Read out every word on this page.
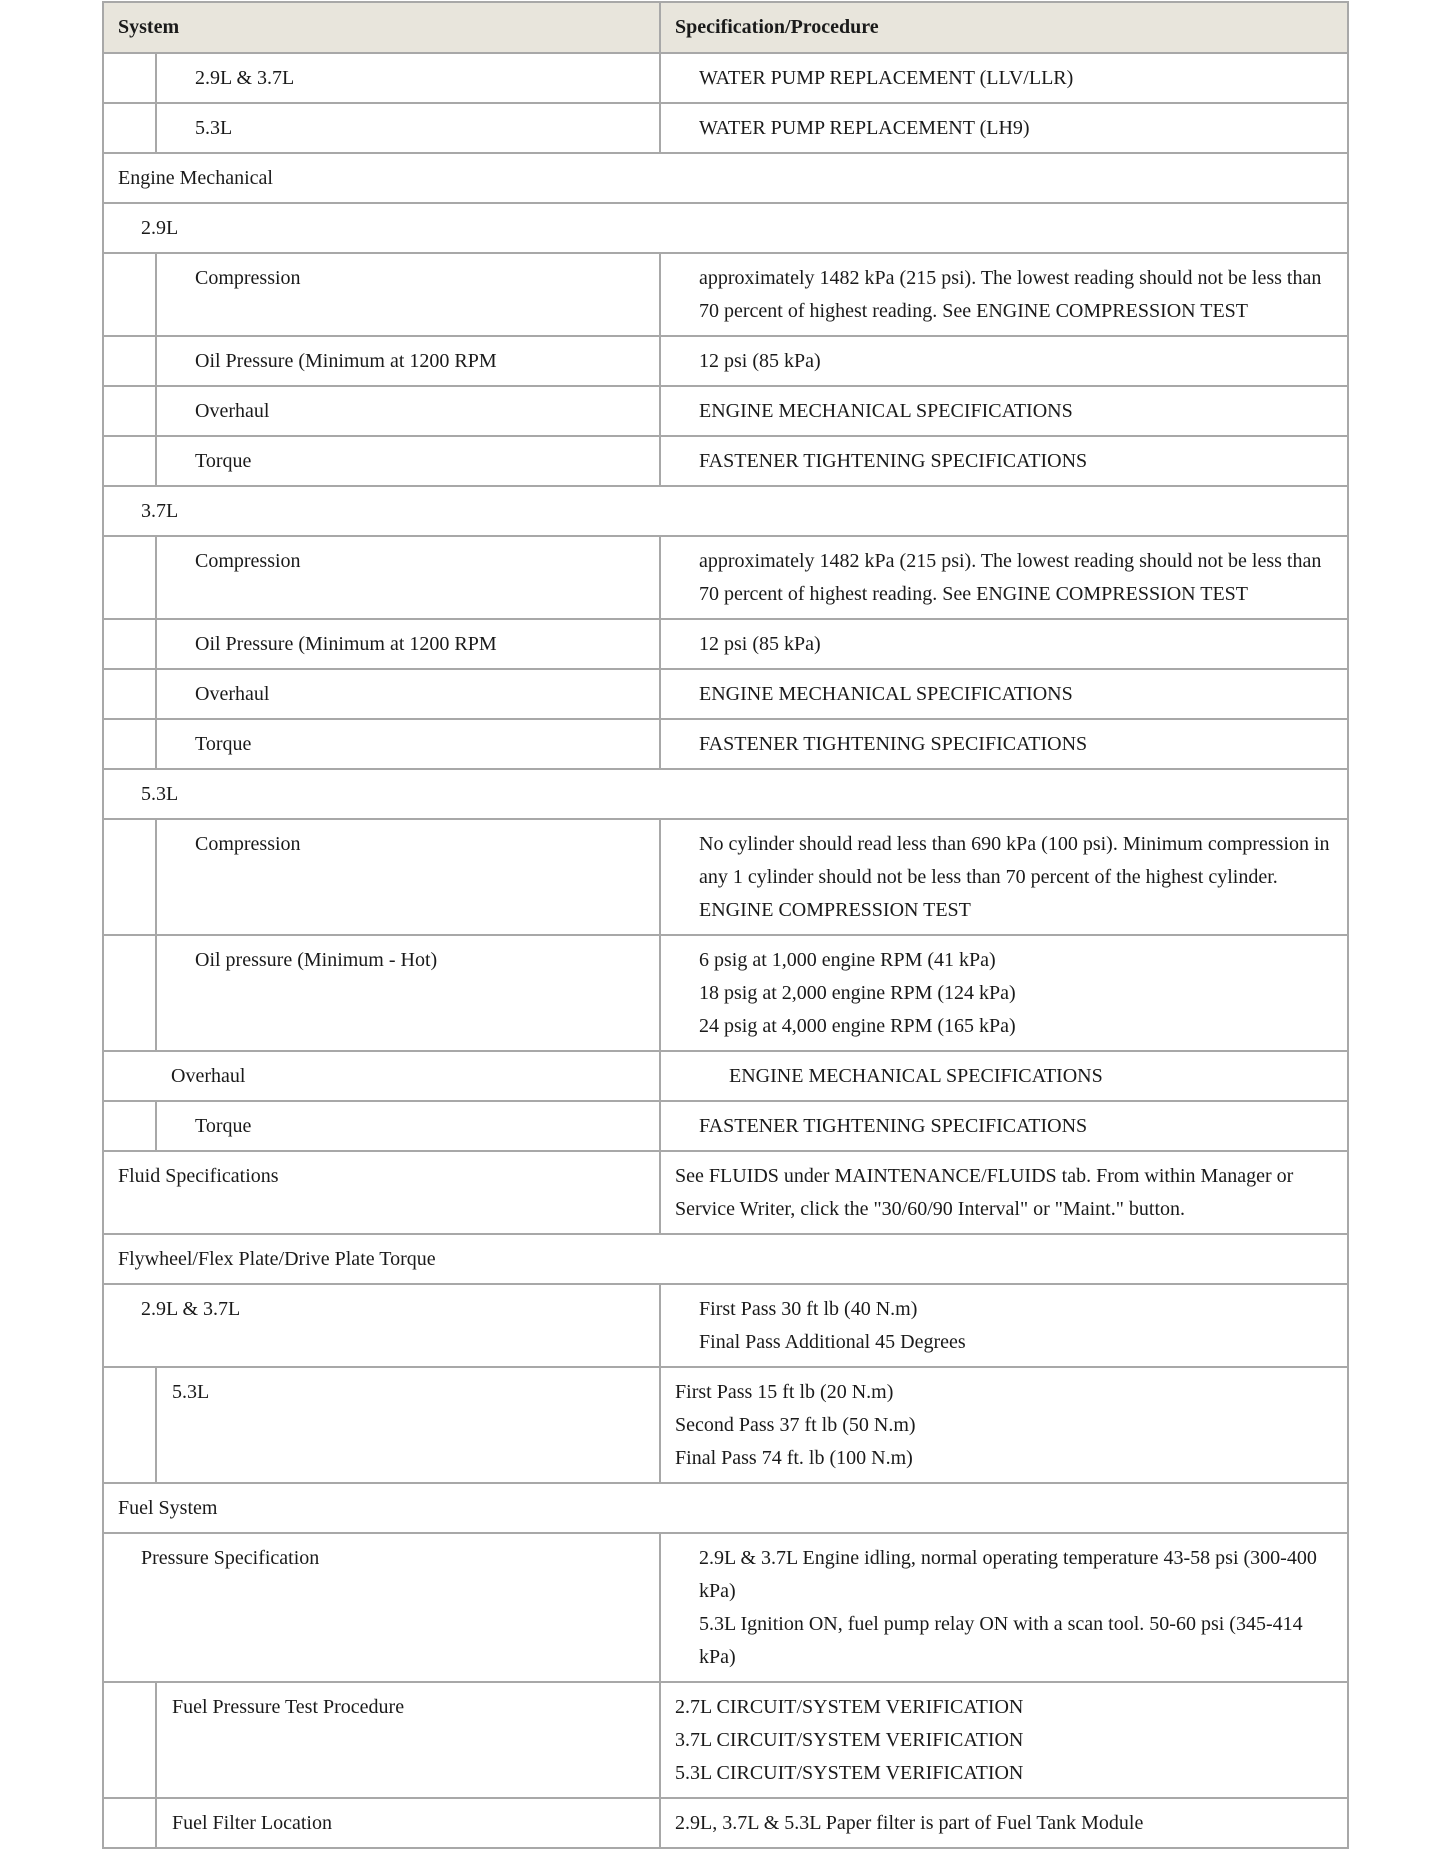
System		Specification/Procedure
	2.9L & 3.7L	WATER PUMP REPLACEMENT (LLV/LLR)

	5.3L	WATER PUMP REPLACEMENT (LH9)

Engine Mechanical		
2.9L		
	Compression	approximately 1482 kPa (215 psi). The lowest reading should not be less than 70 percent of highest reading. See ENGINE COMPRESSION TEST

	Oil Pressure (Minimum at 1200 RPM	12 psi (85 kPa)

	Overhaul	ENGINE MECHANICAL SPECIFICATIONS

	Torque	FASTENER TIGHTENING SPECIFICATIONS

3.7L		
	Compression	approximately 1482 kPa (215 psi). The lowest reading should not be less than 70 percent of highest reading. See ENGINE COMPRESSION TEST

	Oil Pressure (Minimum at 1200 RPM	12 psi (85 kPa)

	Overhaul	ENGINE MECHANICAL SPECIFICATIONS

	Torque	FASTENER TIGHTENING SPECIFICATIONS

5.3L		
	Compression	No cylinder should read less than 690 kPa (100 psi). Minimum compression in any 1 cylinder should not be less than 70 percent of the highest cylinder. ENGINE COMPRESSION TEST

	Oil pressure (Minimum - Hot)	6 psig at 1,000 engine RPM (41 kPa)
18 psig at 2,000 engine RPM (124 kPa)
24 psig at 4,000 engine RPM (165 kPa)

Overhaul		ENGINE MECHANICAL SPECIFICATIONS

	Torque	FASTENER TIGHTENING SPECIFICATIONS

Fluid Specifications		See FLUIDS under MAINTENANCE/FLUIDS tab. From within Manager or Service Writer, click the "30/60/90 Interval" or "Maint." button.

Flywheel/Flex Plate/Drive Plate Torque		
2.9L & 3.7L		First Pass 30 ft lb (40 N.m)
Final Pass Additional 45 Degrees

	5.3L	First Pass 15 ft lb (20 N.m)
Second Pass 37 ft lb (50 N.m)
Final Pass 74 ft. lb (100 N.m)

Fuel System		
Pressure Specification		2.9L & 3.7L Engine idling, normal operating temperature 43-58 psi (300-400 kPa)
5.3L Ignition ON, fuel pump relay ON with a scan tool. 50-60 psi (345-414 kPa)

	Fuel Pressure Test Procedure	2.7L CIRCUIT/SYSTEM VERIFICATION
3.7L CIRCUIT/SYSTEM VERIFICATION
5.3L CIRCUIT/SYSTEM VERIFICATION

	Fuel Filter Location	2.9L, 3.7L & 5.3L Paper filter is part of Fuel Tank Module
